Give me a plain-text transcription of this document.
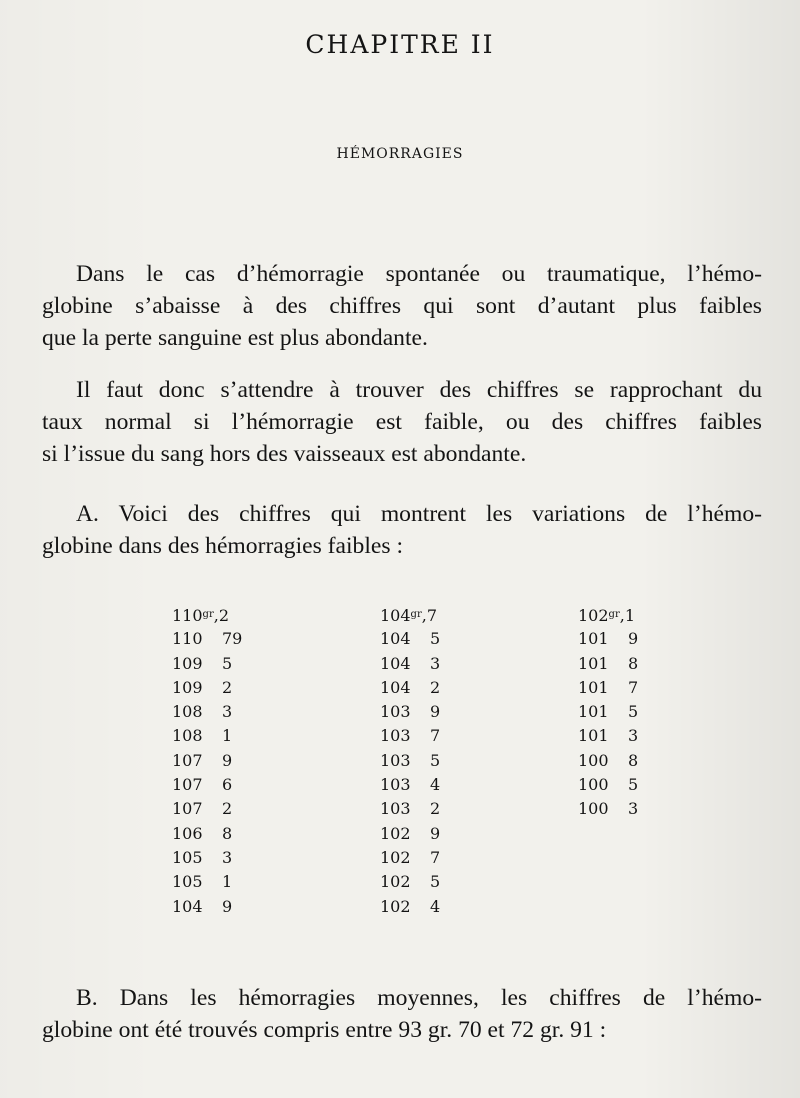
CHAPITRE II
HÉMORRAGIES

Dans le cas d’hémorragie spontanée ou traumatique, l’hémo-
globine s’abaisse à des chiffres qui sont d’autant plus faibles
que la perte sanguine est plus abondante.

Il faut donc s’attendre à trouver des chiffres se rapprochant du
taux normal si l’hémorragie est faible, ou des chiffres faibles
si l’issue du sang hors des vaisseaux est abondante.

A. Voici des chiffres qui montrent les variations de l’hémo-
globine dans des hémorragies faibles :

$110^{gr},2$
110 79
109 5
109 2
108 3
108 1
107 9
107 6
107 2
106 8
105 3
105 1
104 9
$104^{gr},7$
104 5
104 3
104 2
103 9
103 7
103 5
103 4
103 2
102 9
102 7
102 5
102 4
$102^{gr},1$
101 9
101 8
101 7
101 5
101 3
100 8
100 5
100 3

B. Dans les hémorragies moyennes, les chiffres de l’hémo-
globine ont été trouvés compris entre 93 gr. 70 et 72 gr. 91 :
